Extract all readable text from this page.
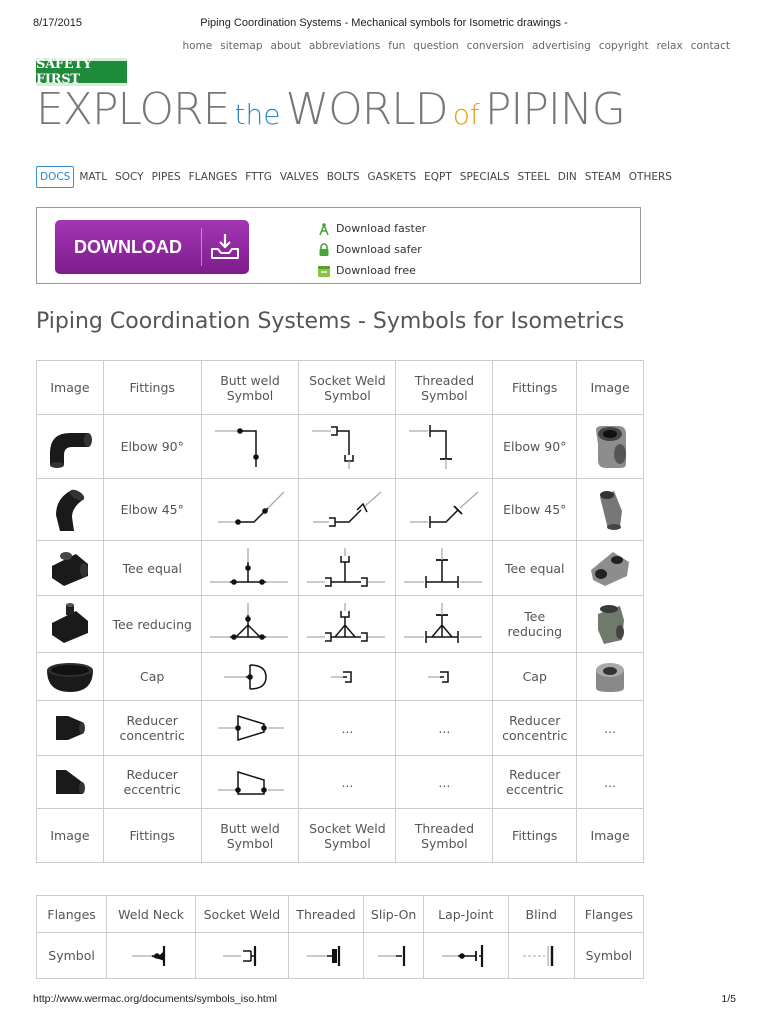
8/17/2015	Piping Coordination Systems - Mechanical symbols for Isometric drawings -
home sitemap about abbreviations fun question conversion advertising copyright relax contact
SAFETY FIRST
EXPLORE the WORLD of PIPING
DOCS MATL SOCY PIPES FLANGES FTTG VALVES BOLTS GASKETS EQPT SPECIALS STEEL DIN STEAM OTHERS
DOWNLOAD
Download faster
Download safer
Download free
Piping Coordination Systems - Symbols for Isometrics
Image	Fittings	Butt weld Symbol	Socket Weld Symbol	Threaded Symbol	Fittings	Image

	Elbow 90°				Elbow 90°	

	Elbow 45°				Elbow 45°	

	Tee equal				Tee equal	

	Tee reducing				Tee reducing	

	Cap				Cap	

	Reducer concentric		...	...	Reducer concentric	...

	Reducer eccentric		...	...	Reducer eccentric	...
Image	Fittings	Butt weld Symbol	Socket Weld Symbol	Threaded Symbol	Fittings	Image
Flanges	Weld Neck	Socket Weld	Threaded	Slip-On	Lap-Joint	Blind	Flanges
Symbol							Symbol
http://www.wermac.org/documents/symbols_iso.html	1/5
